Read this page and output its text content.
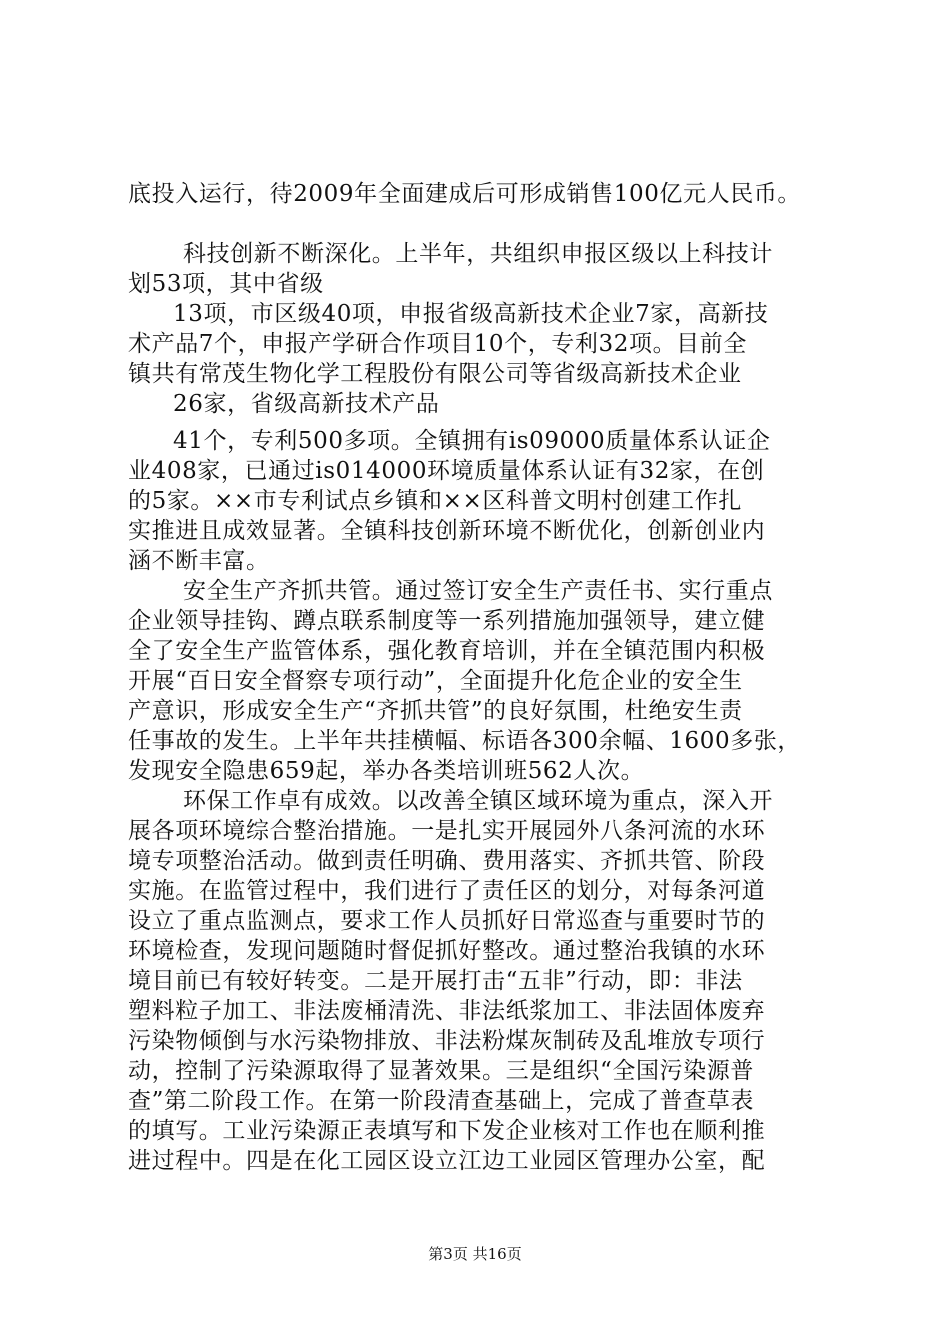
底投入运行，待2009年全面建成后可形成销售100亿元人民币。
科技创新不断深化。上半年，共组织申报区级以上科技计
划53项，其中省级
13项，市区级40项，申报省级高新技术企业7家，高新技
术产品7个，申报产学研合作项目10个，专利32项。目前全
镇共有常茂生物化学工程股份有限公司等省级高新技术企业
26家，省级高新技术产品
41个，专利500多项。全镇拥有is09000质量体系认证企
业408家，已通过is014000环境质量体系认证有32家，在创
的5家。××市专利试点乡镇和××区科普文明村创建工作扎
实推进且成效显著。全镇科技创新环境不断优化，创新创业内
涵不断丰富。
安全生产齐抓共管。通过签订安全生产责任书、实行重点
企业领导挂钩、蹲点联系制度等一系列措施加强领导，建立健
全了安全生产监管体系，强化教育培训，并在全镇范围内积极
开展“百日安全督察专项行动”，全面提升化危企业的安全生
产意识，形成安全生产“齐抓共管”的良好氛围，杜绝安生责
任事故的发生。上半年共挂横幅、标语各300余幅、1600多张，
发现安全隐患659起，举办各类培训班562人次。
环保工作卓有成效。以改善全镇区域环境为重点，深入开
展各项环境综合整治措施。一是扎实开展园外八条河流的水环
境专项整治活动。做到责任明确、费用落实、齐抓共管、阶段
实施。在监管过程中，我们进行了责任区的划分，对每条河道
设立了重点监测点，要求工作人员抓好日常巡查与重要时节的
环境检查，发现问题随时督促抓好整改。通过整治我镇的水环
境目前已有较好转变。二是开展打击“五非”行动，即：非法
塑料粒子加工、非法废桶清洗、非法纸浆加工、非法固体废弃
污染物倾倒与水污染物排放、非法粉煤灰制砖及乱堆放专项行
动，控制了污染源取得了显著效果。三是组织“全国污染源普
查”第二阶段工作。在第一阶段清查基础上，完成了普查草表
的填写。工业污染源正表填写和下发企业核对工作也在顺利推
进过程中。四是在化工园区设立江边工业园区管理办公室，配
第3页 共16页
